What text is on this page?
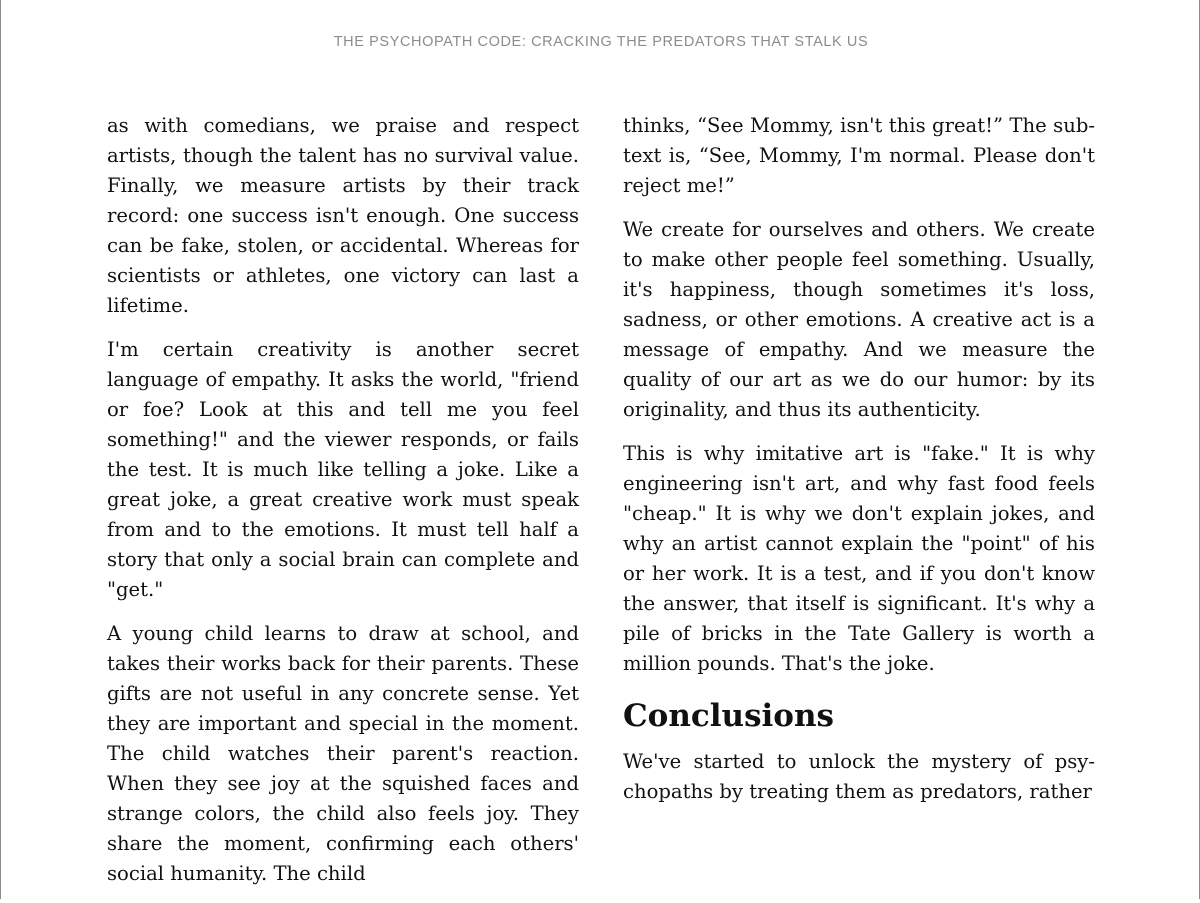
THE PSYCHOPATH CODE: CRACKING THE PREDATORS THAT STALK US

as with comedians, we praise and respect artists, though the talent has no survival value. Finally, we measure artists by their track record: one success isn't enough. One success can be fake, stolen, or accidental. Whereas for scientists or athletes, one victory can last a lifetime.

I'm certain creativity is another secret language of empathy. It asks the world, "friend or foe? Look at this and tell me you feel something!" and the viewer responds, or fails the test. It is much like telling a joke. Like a great joke, a great creative work must speak from and to the emotions. It must tell half a story that only a social brain can complete and "get."

A young child learns to draw at school, and takes their works back for their parents. These gifts are not useful in any concrete sense. Yet they are important and special in the moment. The child watches their parent's reaction. When they see joy at the squished faces and strange colors, the child also feels joy. They share the moment, confirming each others' social humanity. The child

thinks, “See Mommy, isn't this great!” The subtext is, “See, Mommy, I'm normal. Please don't reject me!”

We create for ourselves and others. We create to make other people feel something. Usually, it's happiness, though sometimes it's loss, sadness, or other emotions. A creative act is a message of empathy. And we measure the quality of our art as we do our humor: by its originality, and thus its authenticity.

This is why imitative art is "fake." It is why engineering isn't art, and why fast food feels "cheap." It is why we don't explain jokes, and why an artist cannot explain the "point" of his or her work. It is a test, and if you don't know the answer, that itself is significant. It's why a pile of bricks in the Tate Gallery is worth a million pounds. That's the joke.

Conclusions

We've started to unlock the mystery of psychopaths by treating them as predators, rather
